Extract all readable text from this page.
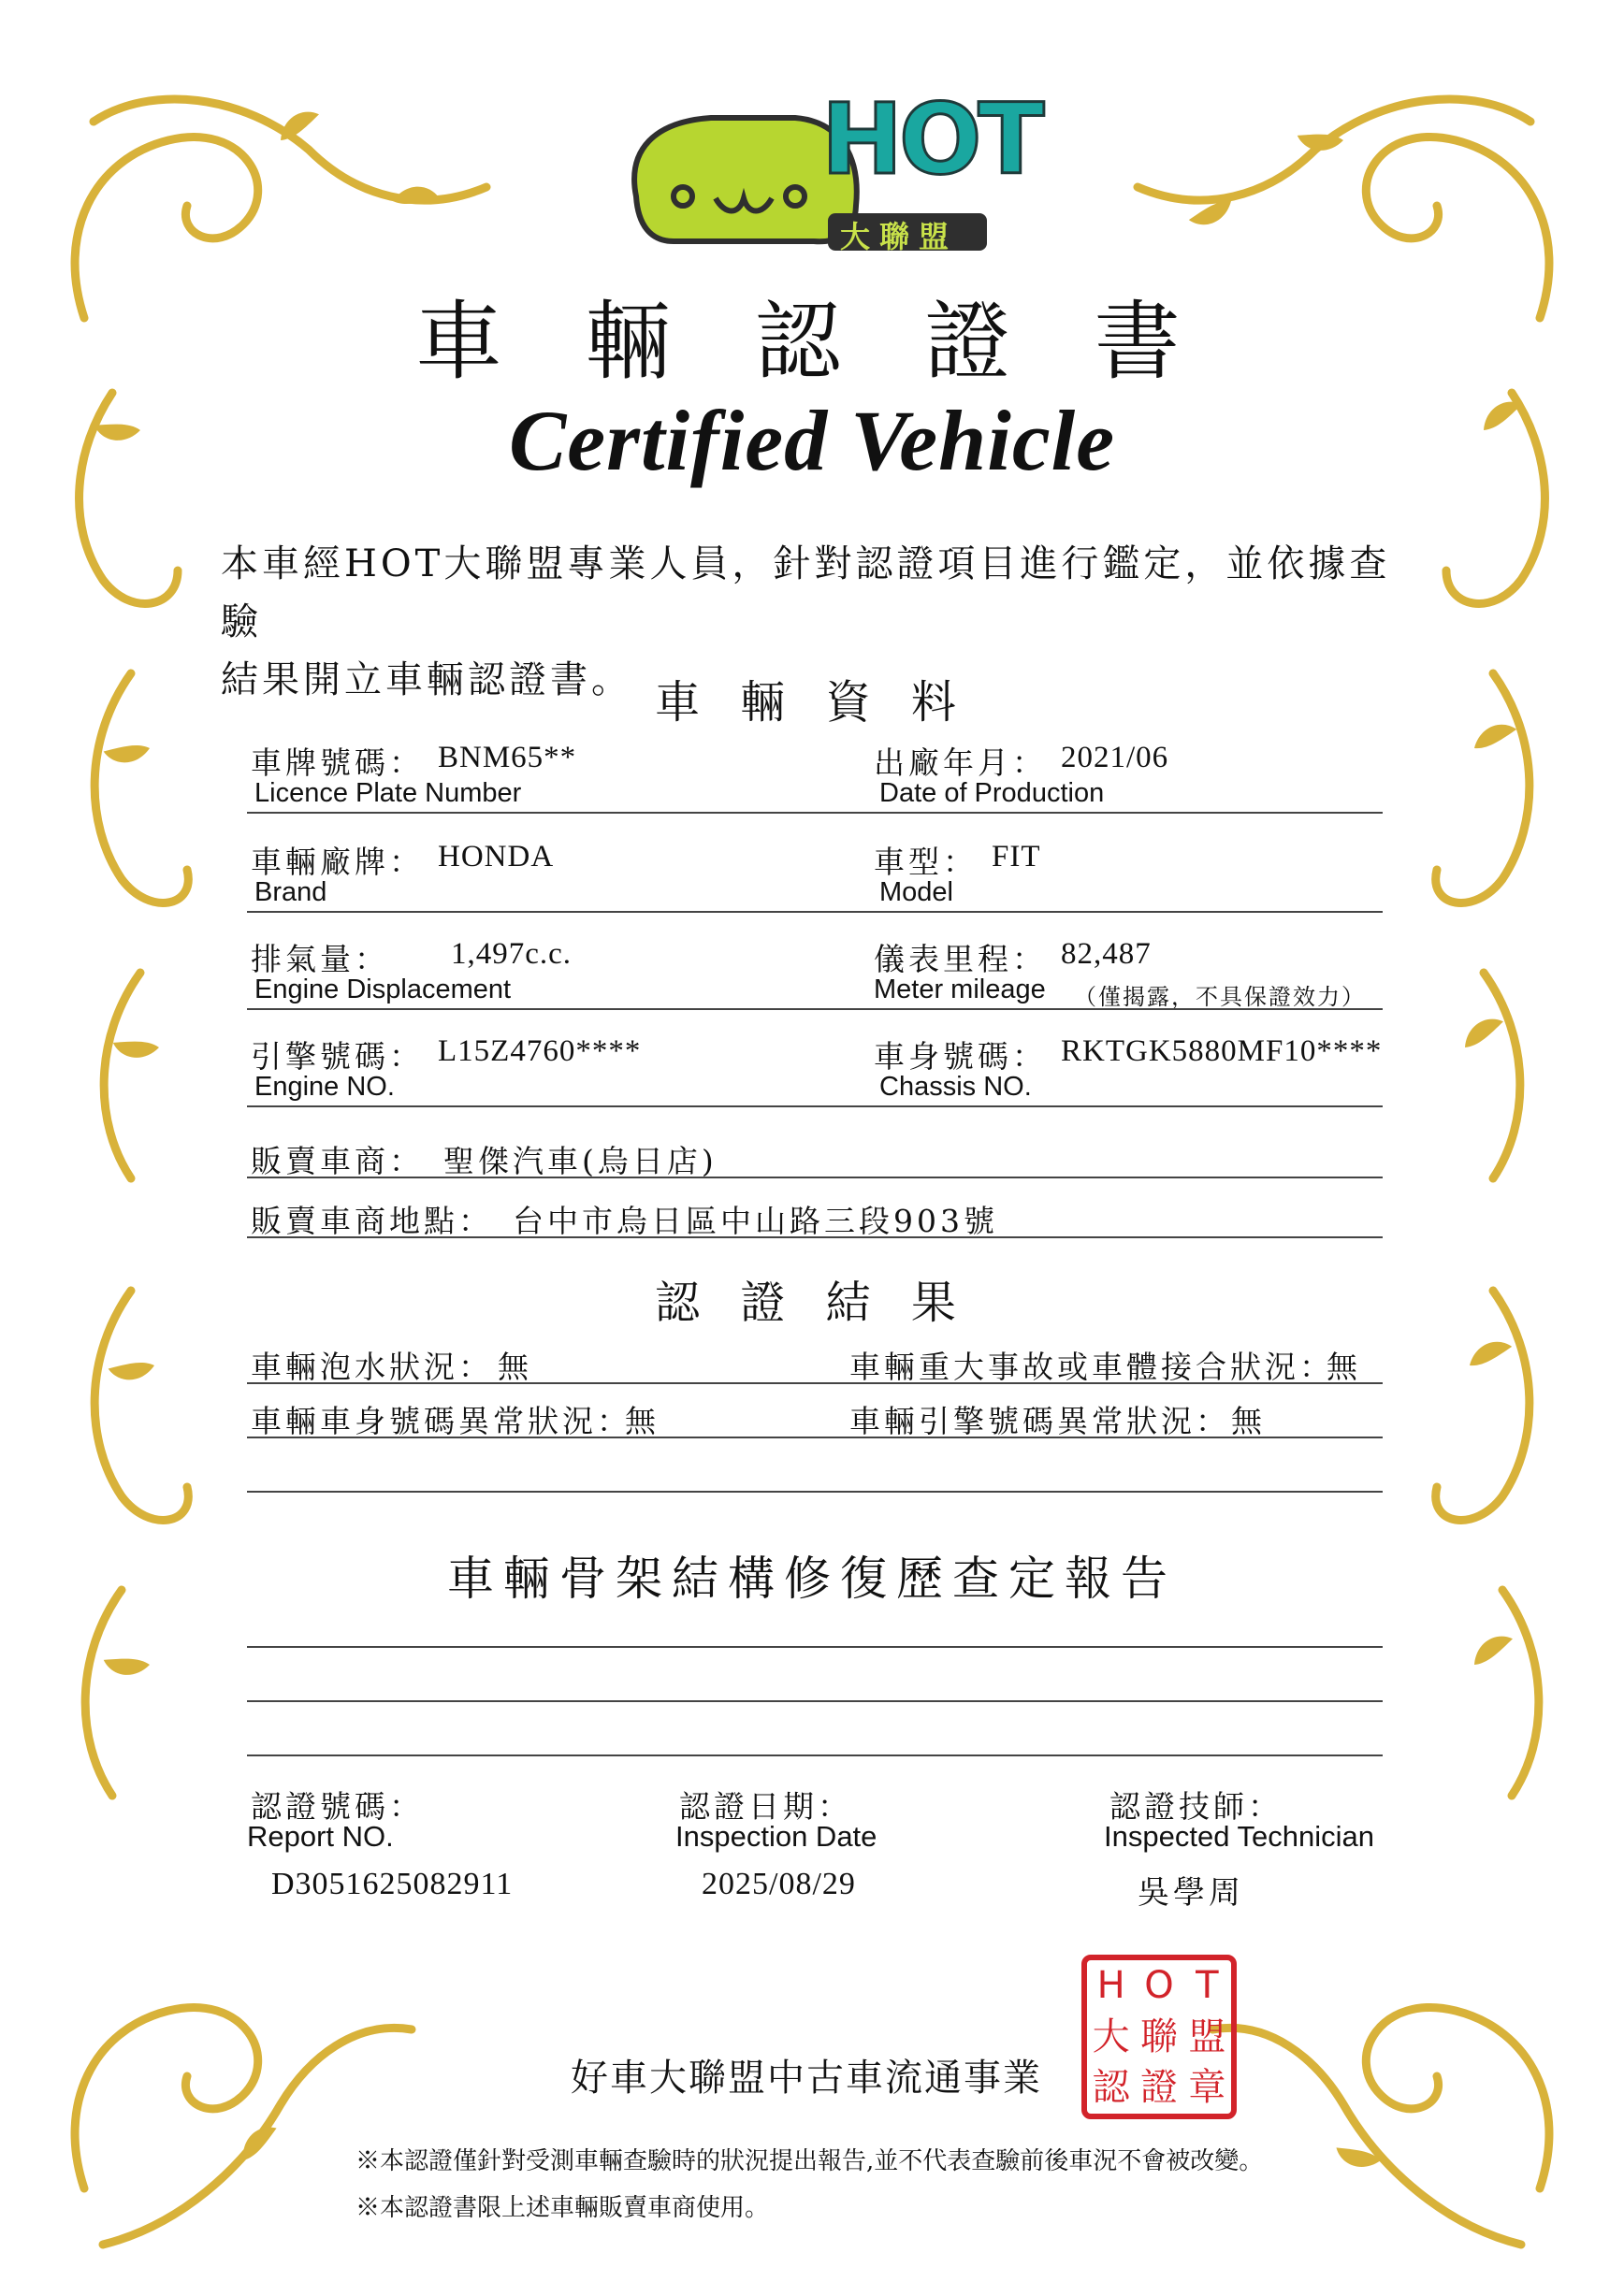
HOT
大聯盟
車 輛 認 證 書
Certified Vehicle
本車經HOT大聯盟專業人員，針對認證項目進行鑑定，並依據查驗
結果開立車輛認證書。 車 輛 資 料
車牌號碼： BNM65**
Licence Plate Number
出廠年月： 2021/06
Date of Production
車輛廠牌： HONDA
Brand
車型： FIT
Model
排氣量： 1,497c.c.
Engine Displacement
儀表里程： 82,487
Meter mileage （僅揭露，不具保證效力）
引擎號碼： L15Z4760****
Engine NO.
車身號碼： RKTGK5880MF10****
Chassis NO.
販賣車商： 聖傑汽車(烏日店)
販賣車商地點： 台中市烏日區中山路三段903號
認 證 結 果
車輛泡水狀況： 無	車輛重大事故或車體接合狀況：
無
車輛車身號碼異常狀況：
無	車輛引擎號碼異常狀況： 無
車輛骨架結構修復歷查定報告
認證號碼：
Report NO.
D3051625082911
認證日期：
Inspection Date
2025/08/29
認證技師：
Inspected Technician
吳學周
好車大聯盟中古車流通事業
H O T
大 聯 盟
認 證 章
※本認證僅針對受測車輛查驗時的狀況提出報告,並不代表查驗前後車況不會被改變。
※本認證書限上述車輛販賣車商使用。
